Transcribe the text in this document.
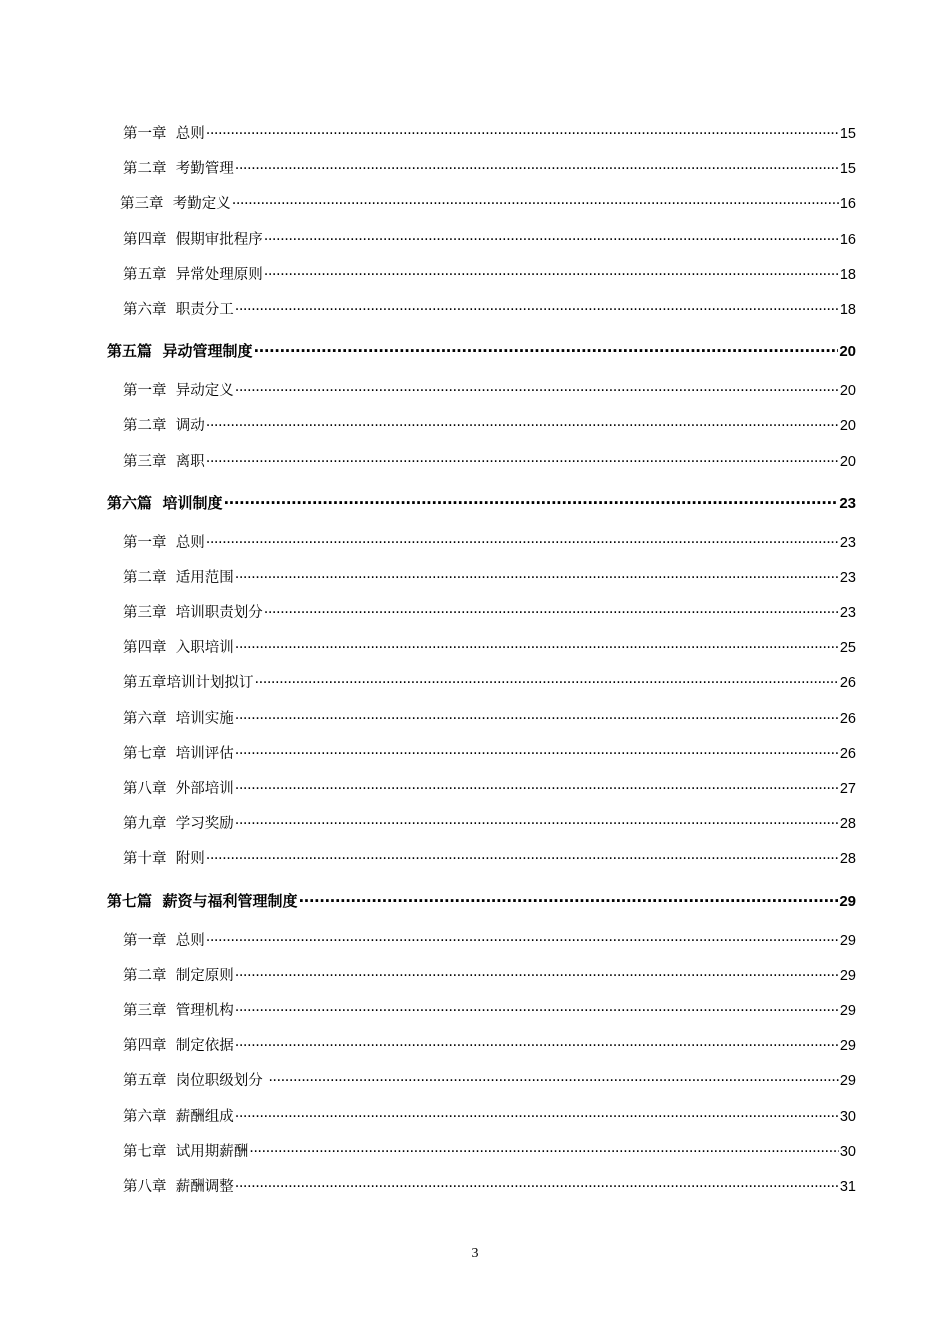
第一章  总则 ·····	15
第二章  考勤管理 ·····	15
第三章  考勤定义 ·····	16
第四章  假期审批程序 ·····	16
第五章  异常处理原则 ·····	18
第六章  职责分工 ·····	18
第五篇  异动管理制度 ·····	20
第一章  异动定义 ·····	20
第二章  调动 ·····	20
第三章  离职 ·····	20
第六篇  培训制度 ·····	23
第一章  总则 ·····	23
第二章  适用范围 ·····	23
第三章  培训职责划分 ·····	23
第四章  入职培训 ·····	25
第五章培训计划拟订 ·····	26
第六章  培训实施 ·····	26
第七章  培训评估 ·····	26
第八章  外部培训 ·····	27
第九章  学习奖励 ·····	28
第十章  附则 ·····	28
第七篇  薪资与福利管理制度 ·····	29
第一章  总则 ·····	29
第二章  制定原则 ·····	29
第三章  管理机构 ·····	29
第四章  制定依据 ·····	29
第五章  岗位职级划分 ·····	29
第六章  薪酬组成 ·····	30
第七章  试用期薪酬 ·····	30
第八章  薪酬调整 ·····	31
3
